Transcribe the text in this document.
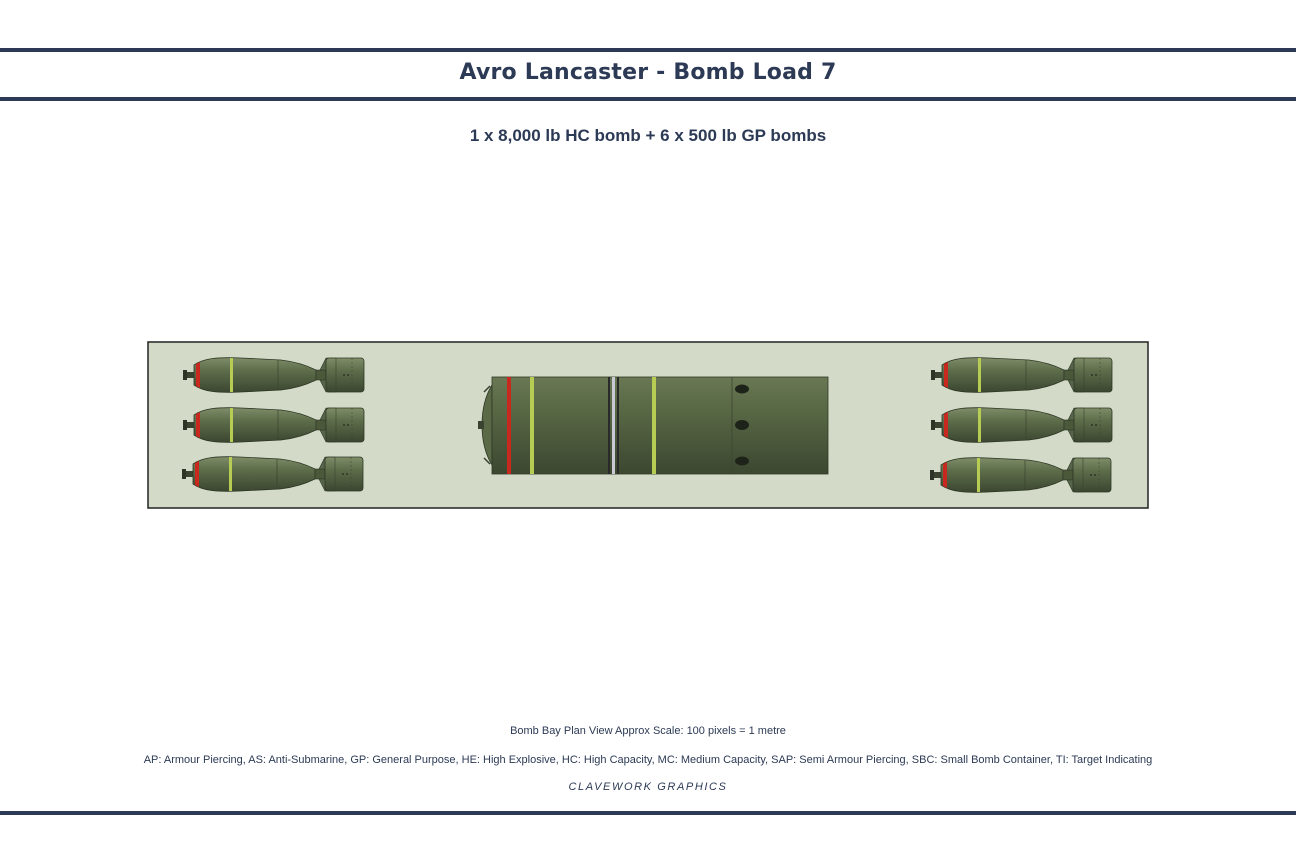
Avro Lancaster - Bomb Load 7
1 x 8,000 lb HC bomb + 6 x 500 lb GP bombs
Bomb Bay Plan View Approx Scale: 100 pixels = 1 metre
AP: Armour Piercing, AS: Anti-Submarine, GP: General Purpose, HE: High Explosive, HC: High Capacity, MC: Medium Capacity, SAP: Semi Armour Piercing, SBC: Small Bomb Container, TI: Target Indicating
CLAVEWORK GRAPHICS
